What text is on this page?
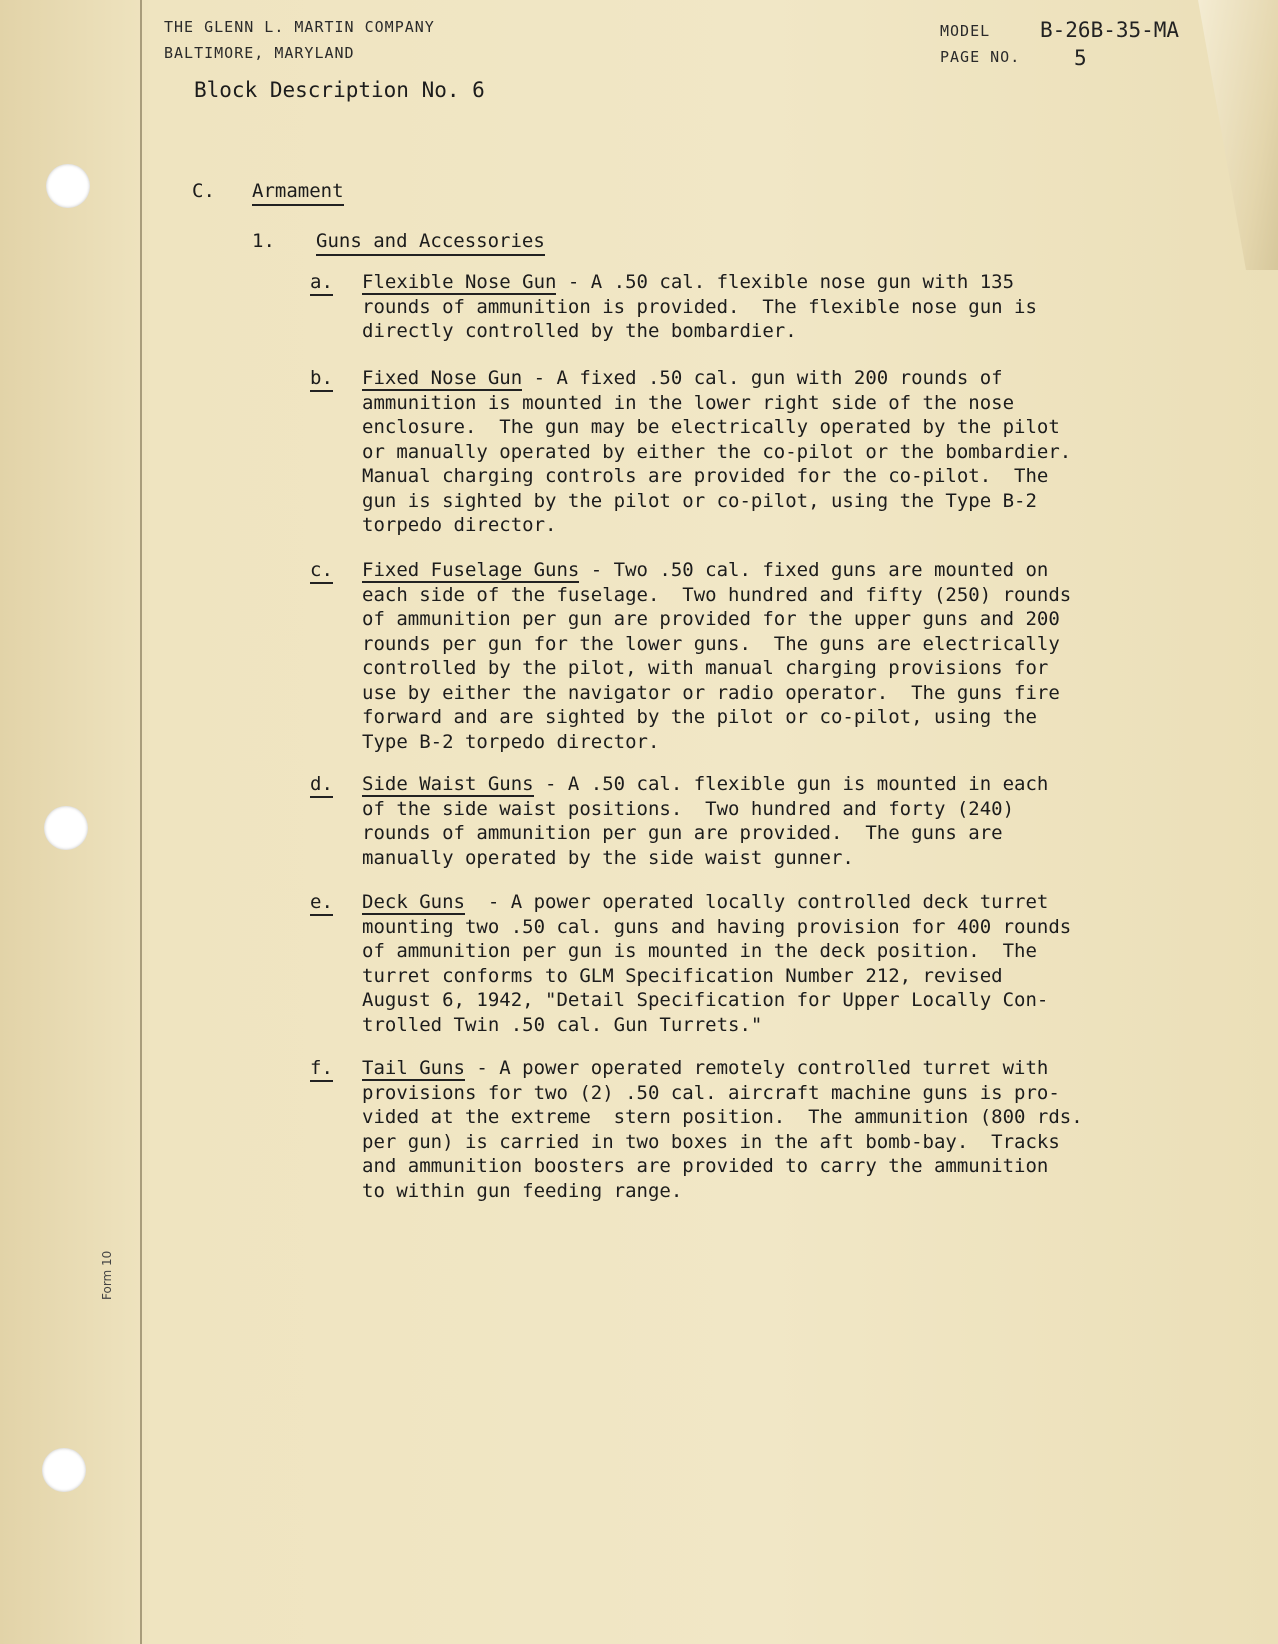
THE GLENN L. MARTIN COMPANY
BALTIMORE, MARYLAND
MODEL B-26B-35-MA
PAGE NO.	5
Block Description No. 6
C. Armament
1. Guns and Accessories
a. Flexible Nose Gun - A .50 cal. flexible nose gun with 135
rounds of ammunition is provided.  The flexible nose gun is
directly controlled by the bombardier.
b. Fixed Nose Gun - A fixed .50 cal. gun with 200 rounds of
ammunition is mounted in the lower right side of the nose
enclosure.  The gun may be electrically operated by the pilot
or manually operated by either the co-pilot or the bombardier.
Manual charging controls are provided for the co-pilot.  The
gun is sighted by the pilot or co-pilot, using the Type B-2
torpedo director.
c. Fixed Fuselage Guns - Two .50 cal. fixed guns are mounted on
each side of the fuselage.  Two hundred and fifty (250) rounds
of ammunition per gun are provided for the upper guns and 200
rounds per gun for the lower guns.  The guns are electrically
controlled by the pilot, with manual charging provisions for
use by either the navigator or radio operator.  The guns fire
forward and are sighted by the pilot or co-pilot, using the
Type B-2 torpedo director.
d. Side Waist Guns - A .50 cal. flexible gun is mounted in each
of the side waist positions.  Two hundred and forty (240)
rounds of ammunition per gun are provided.  The guns are
manually operated by the side waist gunner.
e. Deck Guns  - A power operated locally controlled deck turret
mounting two .50 cal. guns and having provision for 400 rounds
of ammunition per gun is mounted in the deck position.  The
turret conforms to GLM Specification Number 212, revised
August 6, 1942, "Detail Specification for Upper Locally Con-
trolled Twin .50 cal. Gun Turrets."
f. Tail Guns - A power operated remotely controlled turret with
provisions for two (2) .50 cal. aircraft machine guns is pro-
vided at the extreme  stern position.  The ammunition (800 rds.
per gun) is carried in two boxes in the aft bomb-bay.  Tracks
and ammunition boosters are provided to carry the ammunition
to within gun feeding range.
Form 10
